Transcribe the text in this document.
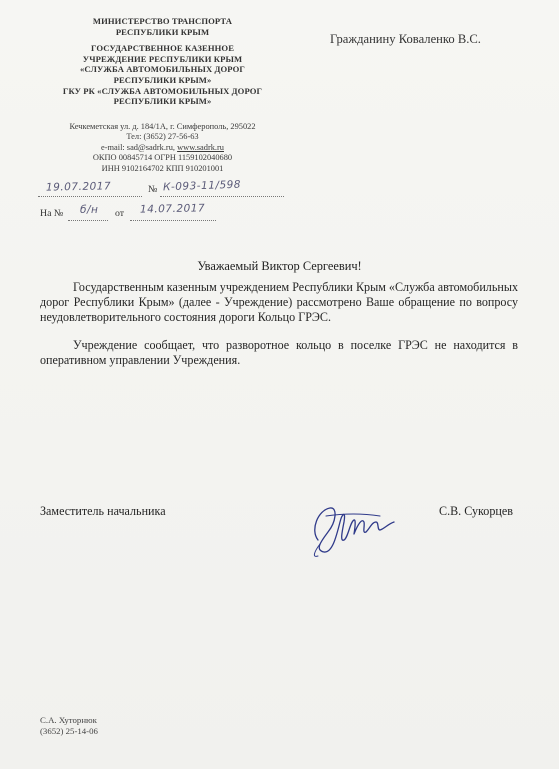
МИНИСТЕРСТВО ТРАНСПОРТА
РЕСПУБЛИКИ КРЫМ
ГОСУДАРСТВЕННОЕ КАЗЕННОЕ
УЧРЕЖДЕНИЕ РЕСПУБЛИКИ КРЫМ
«СЛУЖБА АВТОМОБИЛЬНЫХ ДОРОГ
РЕСПУБЛИКИ КРЫМ»
ГКУ РК «СЛУЖБА АВТОМОБИЛЬНЫХ ДОРОГ
РЕСПУБЛИКИ КРЫМ»
Кечкеметская ул. д. 184/1А, г. Симферополь, 295022
Тел: (3652) 27-56-63
e-mail: sad@sadrk.ru, www.sadrk.ru
ОКПО 00845714 ОГРН 1159102040680
ИНН 9102164702 КПП 910201001
Гражданину Коваленко В.С.
19.07.2017	№ К-093-11/598
На № б/н от 14.07.2017
Уважаемый Виктор Сергеевич!

Государственным казенным учреждением Республики Крым «Служба автомобильных дорог Республики Крым» (далее - Учреждение) рассмотрено Ваше обращение по вопросу неудовлетворительного состояния дороги Кольцо ГРЭС.

Учреждение сообщает, что разворотное кольцо в поселке ГРЭС не находится в оперативном управлении Учреждения.

Заместитель начальника	С.В. Сукорцев
С.А. Хуторнюк
(3652) 25-14-06
